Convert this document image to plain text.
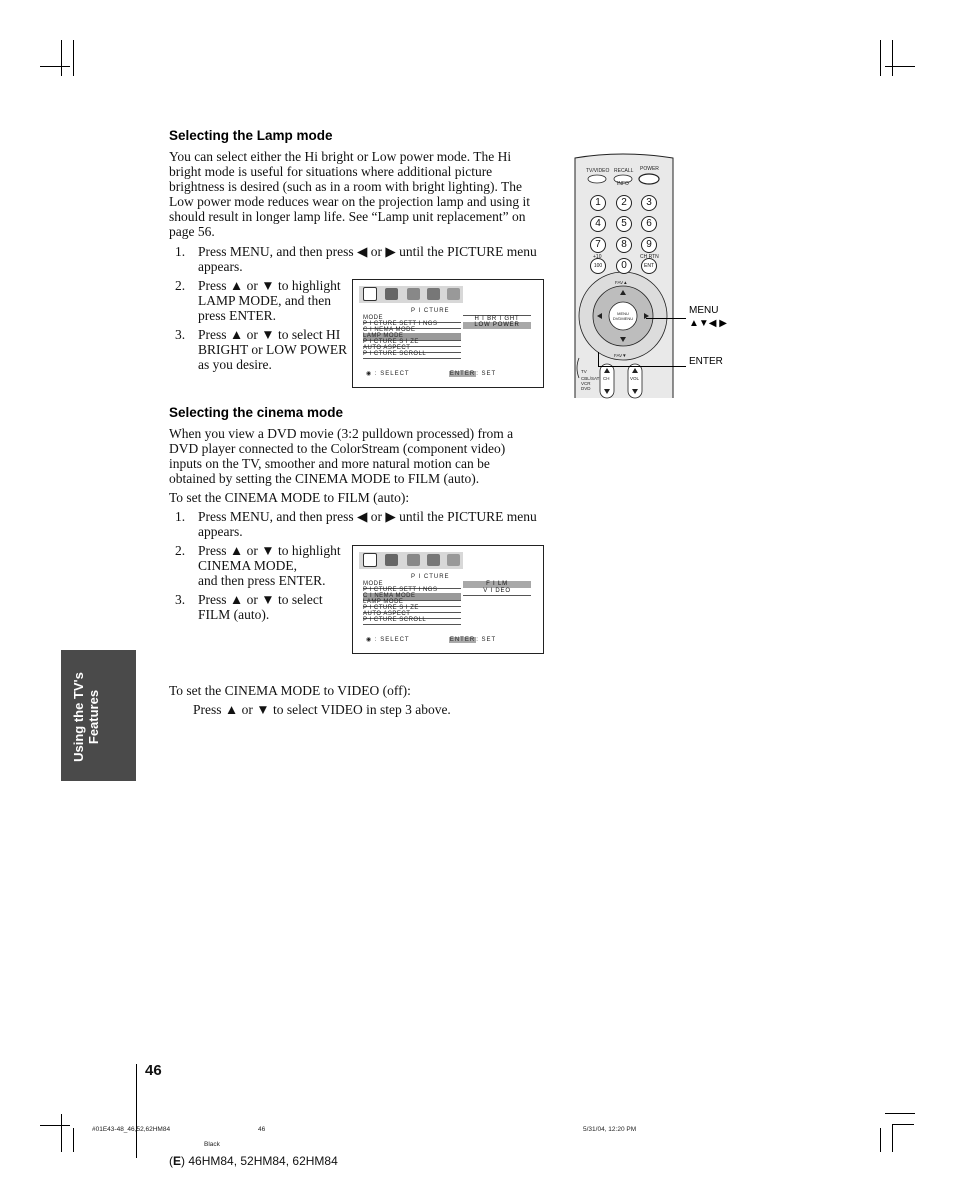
Selecting the Lamp mode
You can select either the Hi bright or Low power mode. The Hi
bright mode is useful for situations where additional picture
brightness is desired (such as in a room with bright lighting). The
Low power mode reduces wear on the projection lamp and using it
should result in longer lamp life. See “Lamp unit replacement” on
page 56.
1. Press MENU, and then press ◀ or ▶ until the PICTURE menu
appears.
2. Press ▲ or ▼ to highlight
LAMP MODE, and then
press ENTER.
3. Press ▲ or ▼ to select HI
BRIGHT or LOW POWER
as you desire.
P I CTURE
MODE
P I CTURE SETT I NGS
C I NEMA MODE
LAMP MODE
P I CTURE S I ZE
AUTO ASPECT
P I CTURE SCROLL
H I BR I GHT
LOW POWER
◉ : SELECT	ENTER: SET
Selecting the cinema mode
When you view a DVD movie (3:2 pulldown processed) from a
DVD player connected to the ColorStream (component video)
inputs on the TV, smoother and more natural motion can be
obtained by setting the CINEMA MODE to FILM (auto).
To set the CINEMA MODE to FILM (auto):
1. Press MENU, and then press ◀ or ▶ until the PICTURE menu
appears.
2. Press ▲ or ▼ to highlight
CINEMA MODE,
and then press ENTER.
3. Press ▲ or ▼ to select
FILM (auto).
P I CTURE
MODE
P I CTURE SETT I NGS
C I NEMA MODE
LAMP MODE
P I CTURE S I ZE
AUTO ASPECT
P I CTURE SCROLL
F I LM
V I DEO
◉ : SELECT	ENTER: SET
To set the CINEMA MODE to VIDEO (off):
Press ▲ or ▼ to select VIDEO in step 3 above.
Using the TV's Features
TV/VIDEO RECALL
INFO
POWER
1	2	3
4	5	6
7	8	9
100	0	ENT
+10	CH RTN
FAV▲
FAV▼
MENU DVDMENU
TV
CBL/SAT
VCR
DVD
CH	VOL
MENU
▲▼◀ ▶
ENTER
46
#01E43-48_46,52,62HM84	46	5/31/04, 12:20 PM
Black
(E) 46HM84, 52HM84, 62HM84
